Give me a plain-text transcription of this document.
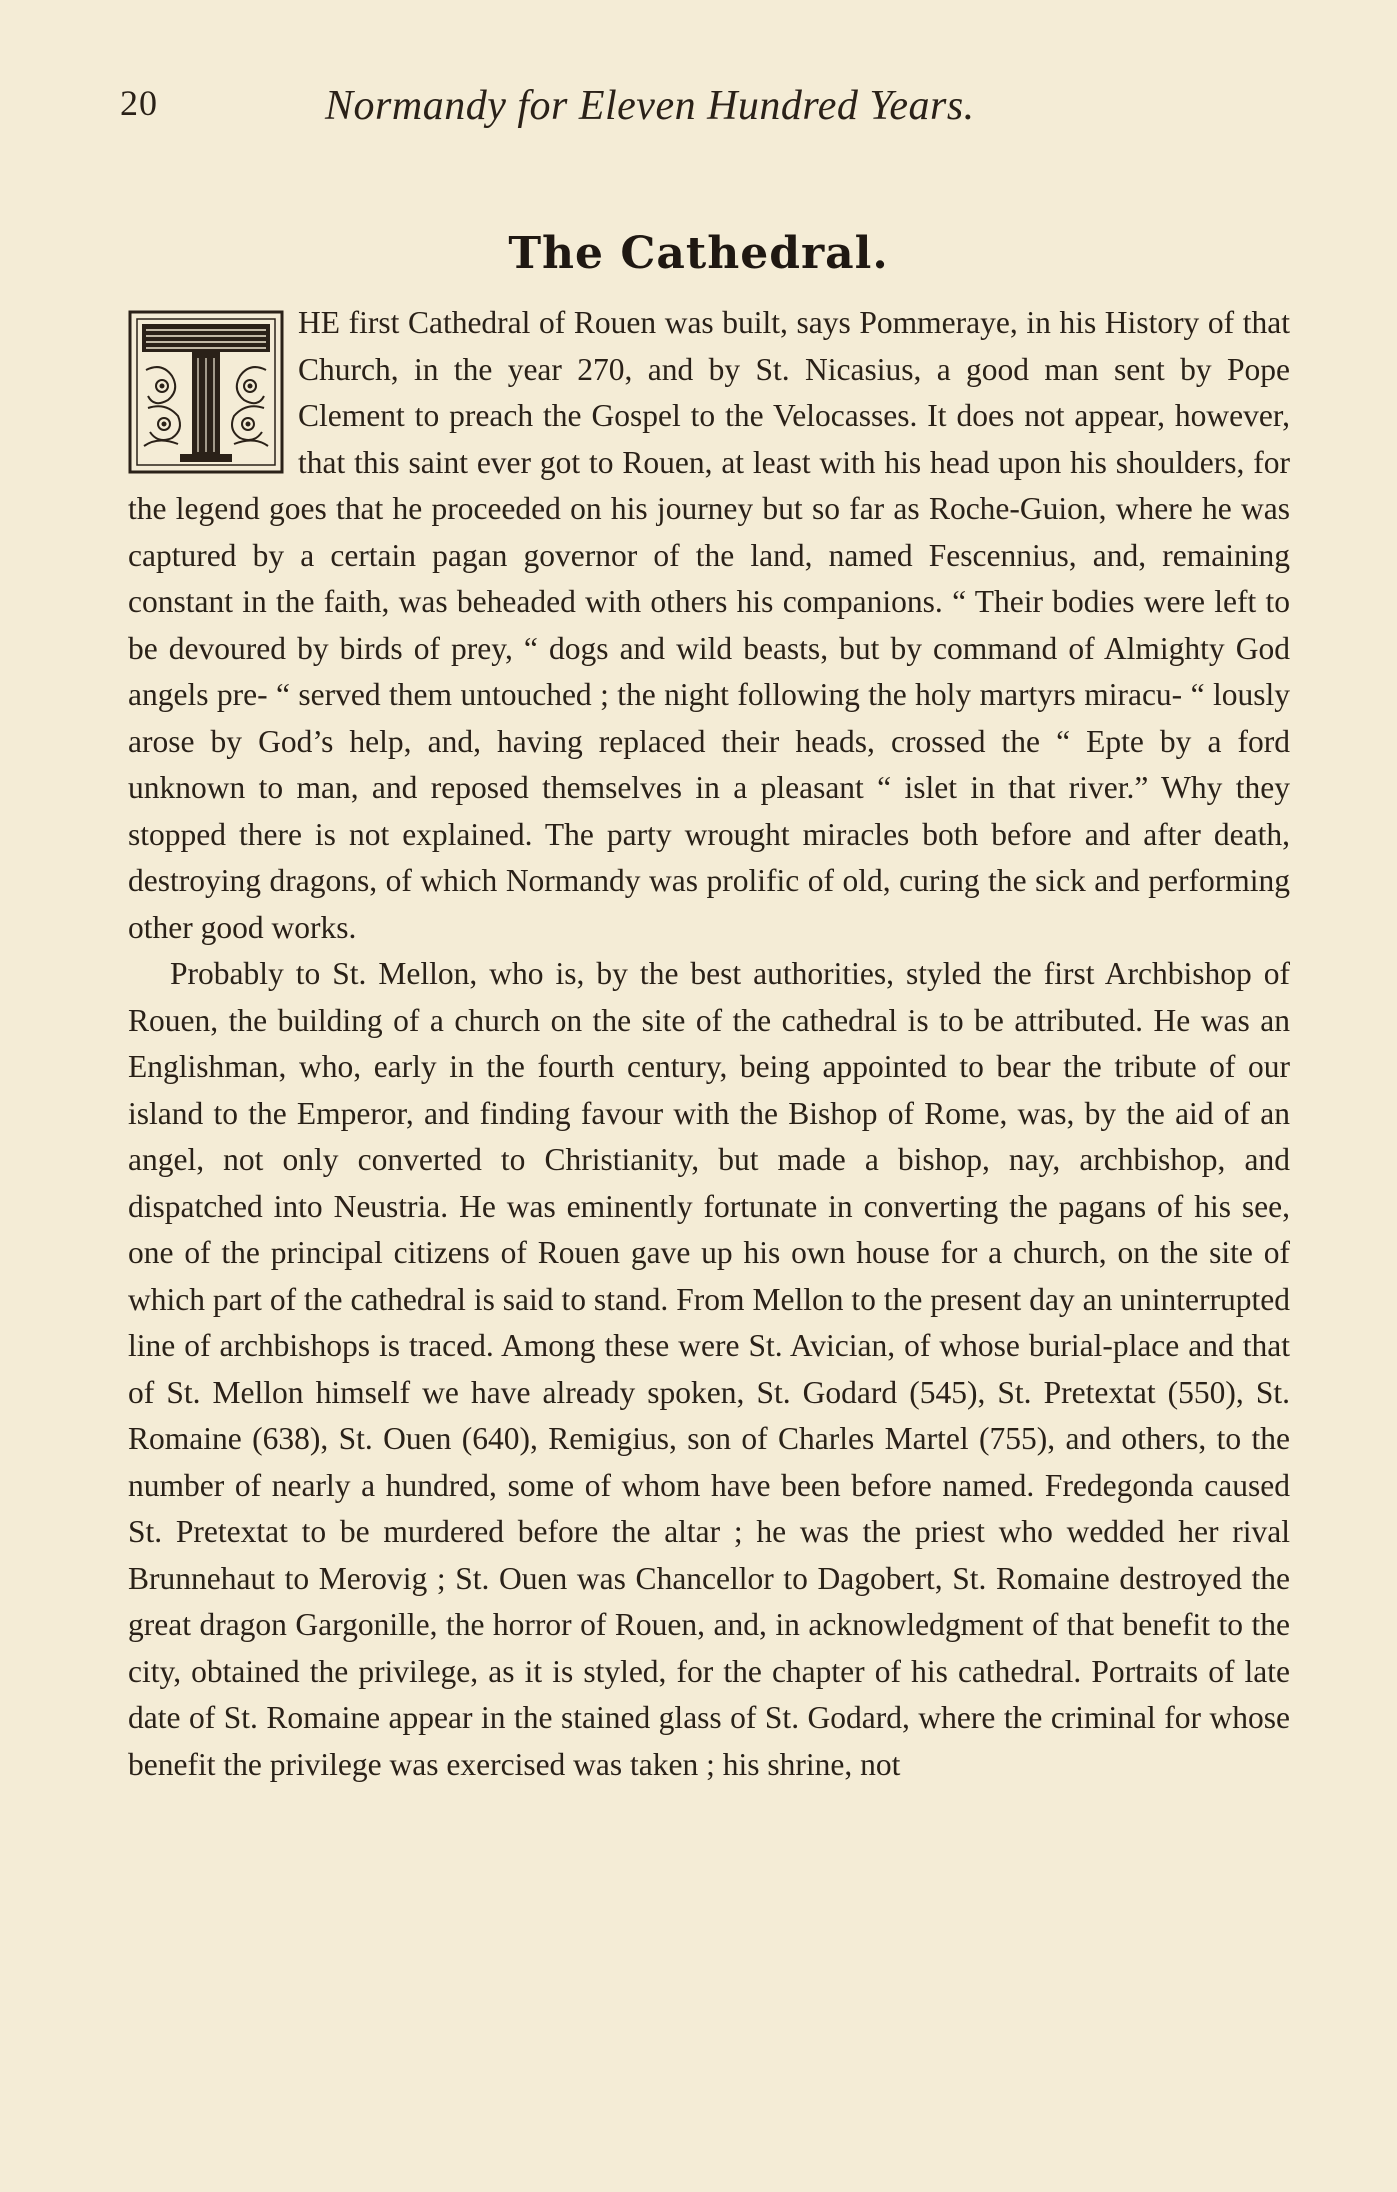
20	Normandy for Eleven Hundred Years.
The Cathedral.

HE first Cathedral of Rouen was built, says Pommeraye, in his History of that Church, in the year 270, and by St. Nicasius, a good man sent by Pope Clement to preach the Gospel to the Velocasses. It does not appear, however, that this saint ever got to Rouen, at least with his head upon his shoulders, for the legend goes that he proceeded on his journey but so far as Roche-Guion, where he was captured by a certain pagan governor of the land, named Fescennius, and, remaining constant in the faith, was beheaded with others his companions. “ Their bodies were left to be devoured by birds of prey, “ dogs and wild beasts, but by command of Almighty God angels pre- “ served them untouched ; the night following the holy martyrs miracu- “ lously arose by God’s help, and, having replaced their heads, crossed the “ Epte by a ford unknown to man, and reposed themselves in a pleasant “ islet in that river.” Why they stopped there is not explained. The party wrought miracles both before and after death, destroying dragons, of which Normandy was prolific of old, curing the sick and performing other good works.

Probably to St. Mellon, who is, by the best authorities, styled the first Archbishop of Rouen, the building of a church on the site of the cathedral is to be attributed. He was an Englishman, who, early in the fourth century, being appointed to bear the tribute of our island to the Emperor, and finding favour with the Bishop of Rome, was, by the aid of an angel, not only converted to Christianity, but made a bishop, nay, archbishop, and dispatched into Neustria. He was eminently fortunate in converting the pagans of his see, one of the principal citizens of Rouen gave up his own house for a church, on the site of which part of the cathedral is said to stand. From Mellon to the present day an uninterrupted line of archbishops is traced. Among these were St. Avician, of whose burial-place and that of St. Mellon himself we have already spoken, St. Godard (545), St. Pretextat (550), St. Romaine (638), St. Ouen (640), Remigius, son of Charles Martel (755), and others, to the number of nearly a hundred, some of whom have been before named. Fredegonda caused St. Pretextat to be murdered before the altar ; he was the priest who wedded her rival Brunnehaut to Merovig ; St. Ouen was Chancellor to Dagobert, St. Romaine destroyed the great dragon Gargonille, the horror of Rouen, and, in acknowledgment of that benefit to the city, obtained the privilege, as it is styled, for the chapter of his cathedral. Portraits of late date of St. Romaine appear in the stained glass of St. Godard, where the criminal for whose benefit the privilege was exercised was taken ; his shrine, not
